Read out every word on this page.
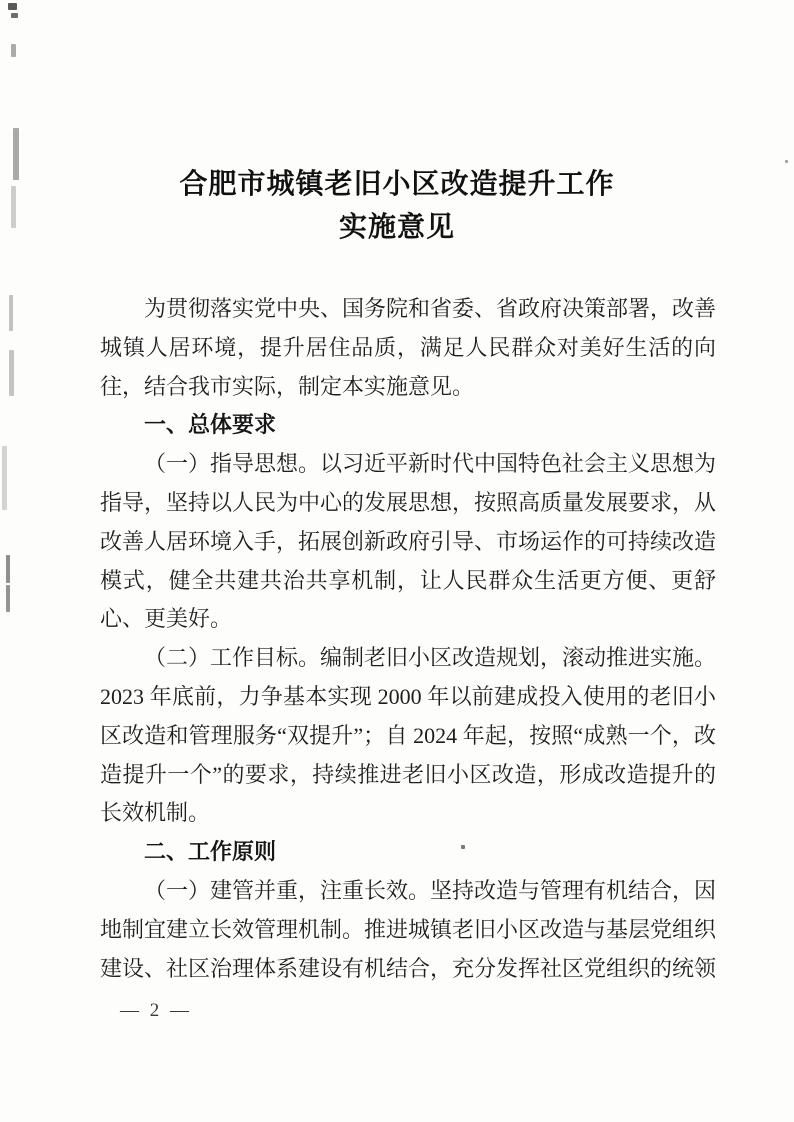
合肥市城镇老旧小区改造提升工作
实施意见

为贯彻落实党中央、国务院和省委、省政府决策部署，改善城镇人居环境，提升居住品质，满足人民群众对美好生活的向往，结合我市实际，制定本实施意见。

一、总体要求

（一）指导思想。以习近平新时代中国特色社会主义思想为指导，坚持以人民为中心的发展思想，按照高质量发展要求，从改善人居环境入手，拓展创新政府引导、市场运作的可持续改造模式，健全共建共治共享机制，让人民群众生活更方便、更舒心、更美好。

（二）工作目标。编制老旧小区改造规划，滚动推进实施。2023 年底前，力争基本实现 2000 年以前建成投入使用的老旧小区改造和管理服务“双提升”；自 2024 年起，按照“成熟一个，改造提升一个”的要求，持续推进老旧小区改造，形成改造提升的长效机制。

二、工作原则

（一）建管并重，注重长效。坚持改造与管理有机结合，因地制宜建立长效管理机制。推进城镇老旧小区改造与基层党组织建设、社区治理体系建设有机结合，充分发挥社区党组织的统领

— 2 —
